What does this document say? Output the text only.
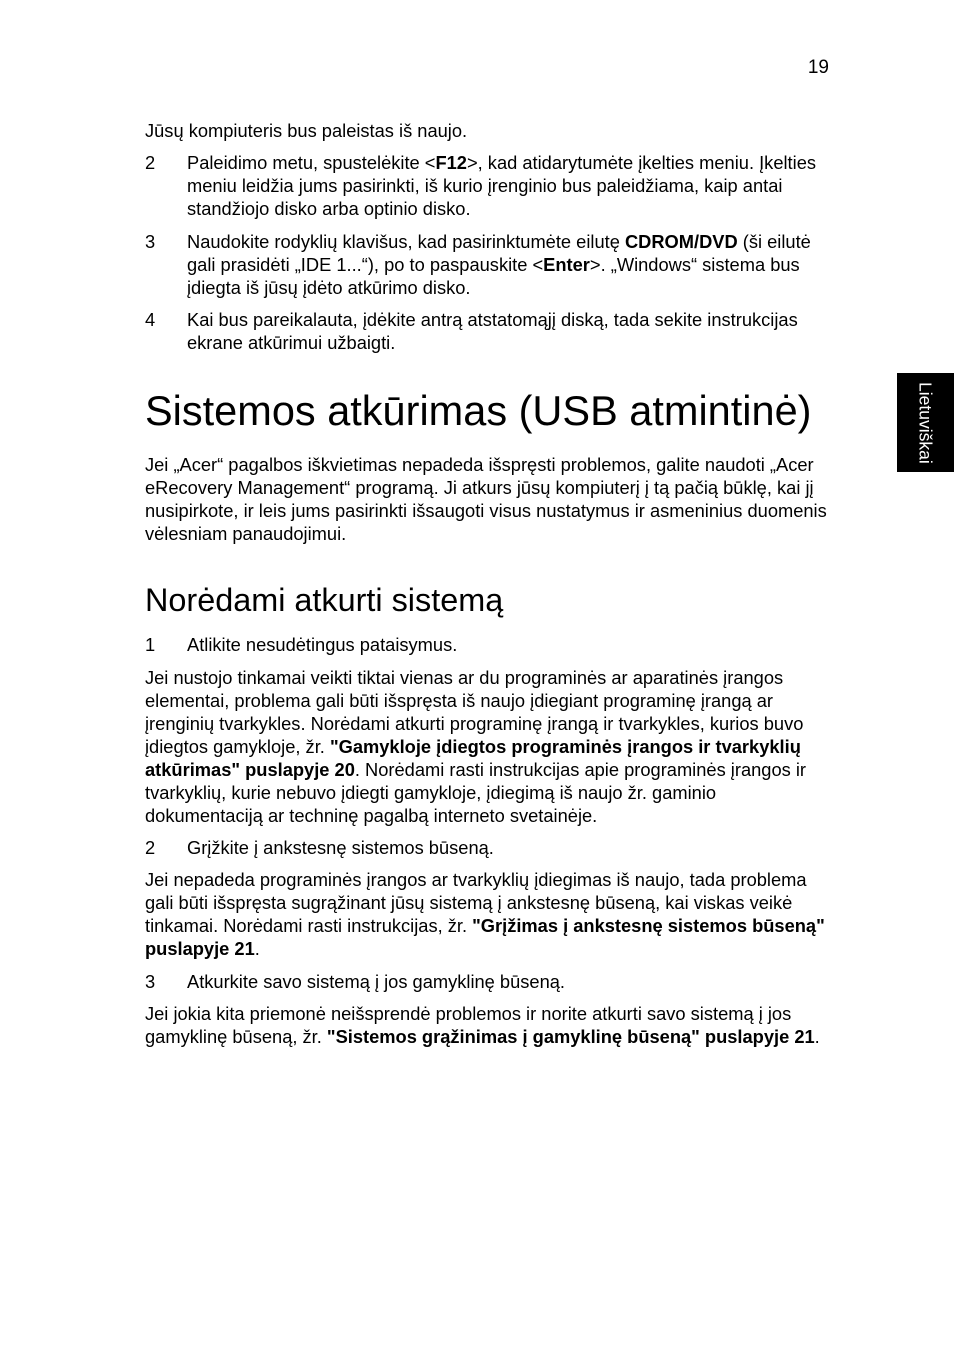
19
Lietuviškai
Jūsų kompiuteris bus paleistas iš naujo.
2 Paleidimo metu, spustelėkite <F12>, kad atidarytumėte įkelties meniu. Įkelties
meniu leidžia jums pasirinkti, iš kurio įrenginio bus paleidžiama, kaip antai
standžiojo disko arba optinio disko.
3 Naudokite rodyklių klavišus, kad pasirinktumėte eilutę CDROM/DVD (ši eilutė
gali prasidėti „IDE 1...“), po to paspauskite <Enter>. „Windows“ sistema bus
įdiegta iš jūsų įdėto atkūrimo disko.
4 Kai bus pareikalauta, įdėkite antrą atstatomąjį diską, tada sekite instrukcijas
ekrane atkūrimui užbaigti.
Sistemos atkūrimas (USB atmintinė)
Jei „Acer“ pagalbos iškvietimas nepadeda išspręsti problemos, galite naudoti „Acer
eRecovery Management“ programą. Ji atkurs jūsų kompiuterį į tą pačią būklę, kai jį
nusipirkote, ir leis jums pasirinkti išsaugoti visus nustatymus ir asmeninius duomenis
vėlesniam panaudojimui.
Norėdami atkurti sistemą
1 Atlikite nesudėtingus pataisymus.
Jei nustojo tinkamai veikti tiktai vienas ar du programinės ar aparatinės įrangos
elementai, problema gali būti išspręsta iš naujo įdiegiant programinę įrangą ar
įrenginių tvarkykles. Norėdami atkurti programinę įrangą ir tvarkykles, kurios buvo
įdiegtos gamykloje, žr. "Gamykloje įdiegtos programinės įrangos ir tvarkyklių
atkūrimas" puslapyje 20. Norėdami rasti instrukcijas apie programinės įrangos ir
tvarkyklių, kurie nebuvo įdiegti gamykloje, įdiegimą iš naujo žr. gaminio
dokumentaciją ar techninę pagalbą interneto svetainėje.
2 Grįžkite į ankstesnę sistemos būseną.
Jei nepadeda programinės įrangos ar tvarkyklių įdiegimas iš naujo, tada problema
gali būti išspręsta sugrąžinant jūsų sistemą į ankstesnę būseną, kai viskas veikė
tinkamai. Norėdami rasti instrukcijas, žr. "Grįžimas į ankstesnę sistemos būseną"
puslapyje 21.
3 Atkurkite savo sistemą į jos gamyklinę būseną.
Jei jokia kita priemonė neišsprendė problemos ir norite atkurti savo sistemą į jos
gamyklinę būseną, žr. "Sistemos grąžinimas į gamyklinę būseną" puslapyje 21.
